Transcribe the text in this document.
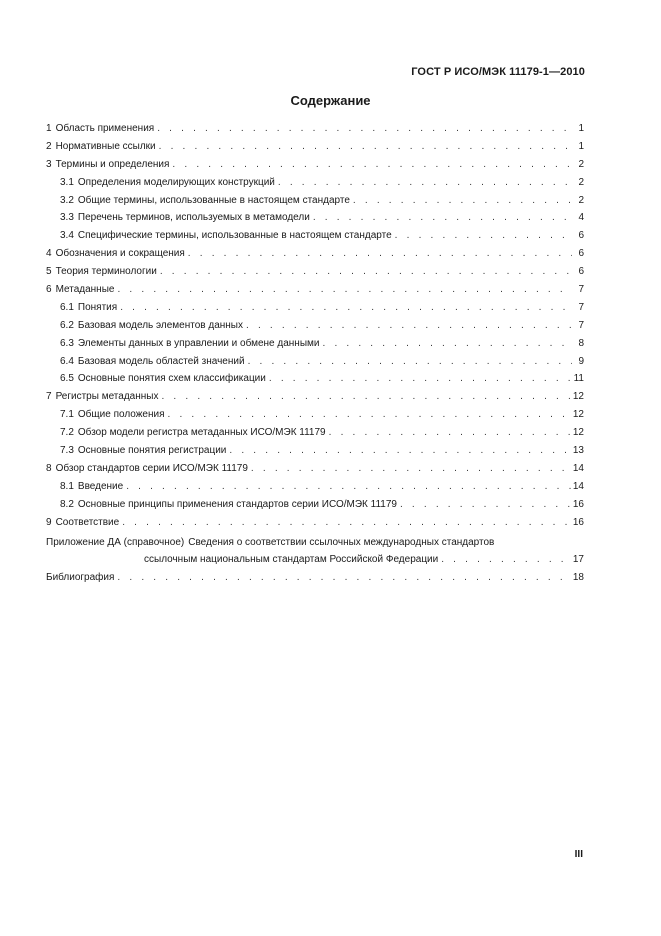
ГОСТ Р ИСО/МЭК 11179-1—2010
Содержание
1 Область применения . . .	1
2 Нормативные ссылки . . .	1
3 Термины и определения . . .	2
3.1 Определения моделирующих конструкций . . .	2
3.2 Общие термины, использованные в настоящем стандарте . . .	2
3.3 Перечень терминов, используемых в метамодели . . .	4
3.4 Специфические термины, использованные в настоящем стандарте . . .	6
4 Обозначения и сокращения . . .	6
5 Теория терминологии . . .	6
6 Метаданные . . .	7
6.1 Понятия . . .	7
6.2 Базовая модель элементов данных . . .	7
6.3 Элементы данных в управлении и обмене данными . . .	8
6.4 Базовая модель областей значений . . .	9
6.5 Основные понятия схем классификации . . .	11
7 Регистры метаданных . . .	12
7.1 Общие положения . . .	12
7.2 Обзор модели регистра метаданных ИСО/МЭК 11179 . . .	12
7.3 Основные понятия регистрации . . .	13
8 Обзор стандартов серии ИСО/МЭК 11179 . . .	14
8.1 Введение . . .	14
8.2 Основные принципы применения стандартов серии ИСО/МЭК 11179 . . .	16
9 Соответствие . . .	16
Приложение ДА (справочное) Сведения о соответствии ссылочных международных стандартов
ссылочным национальным стандартам Российской Федерации . . .	17
Библиография . . .	18
III
